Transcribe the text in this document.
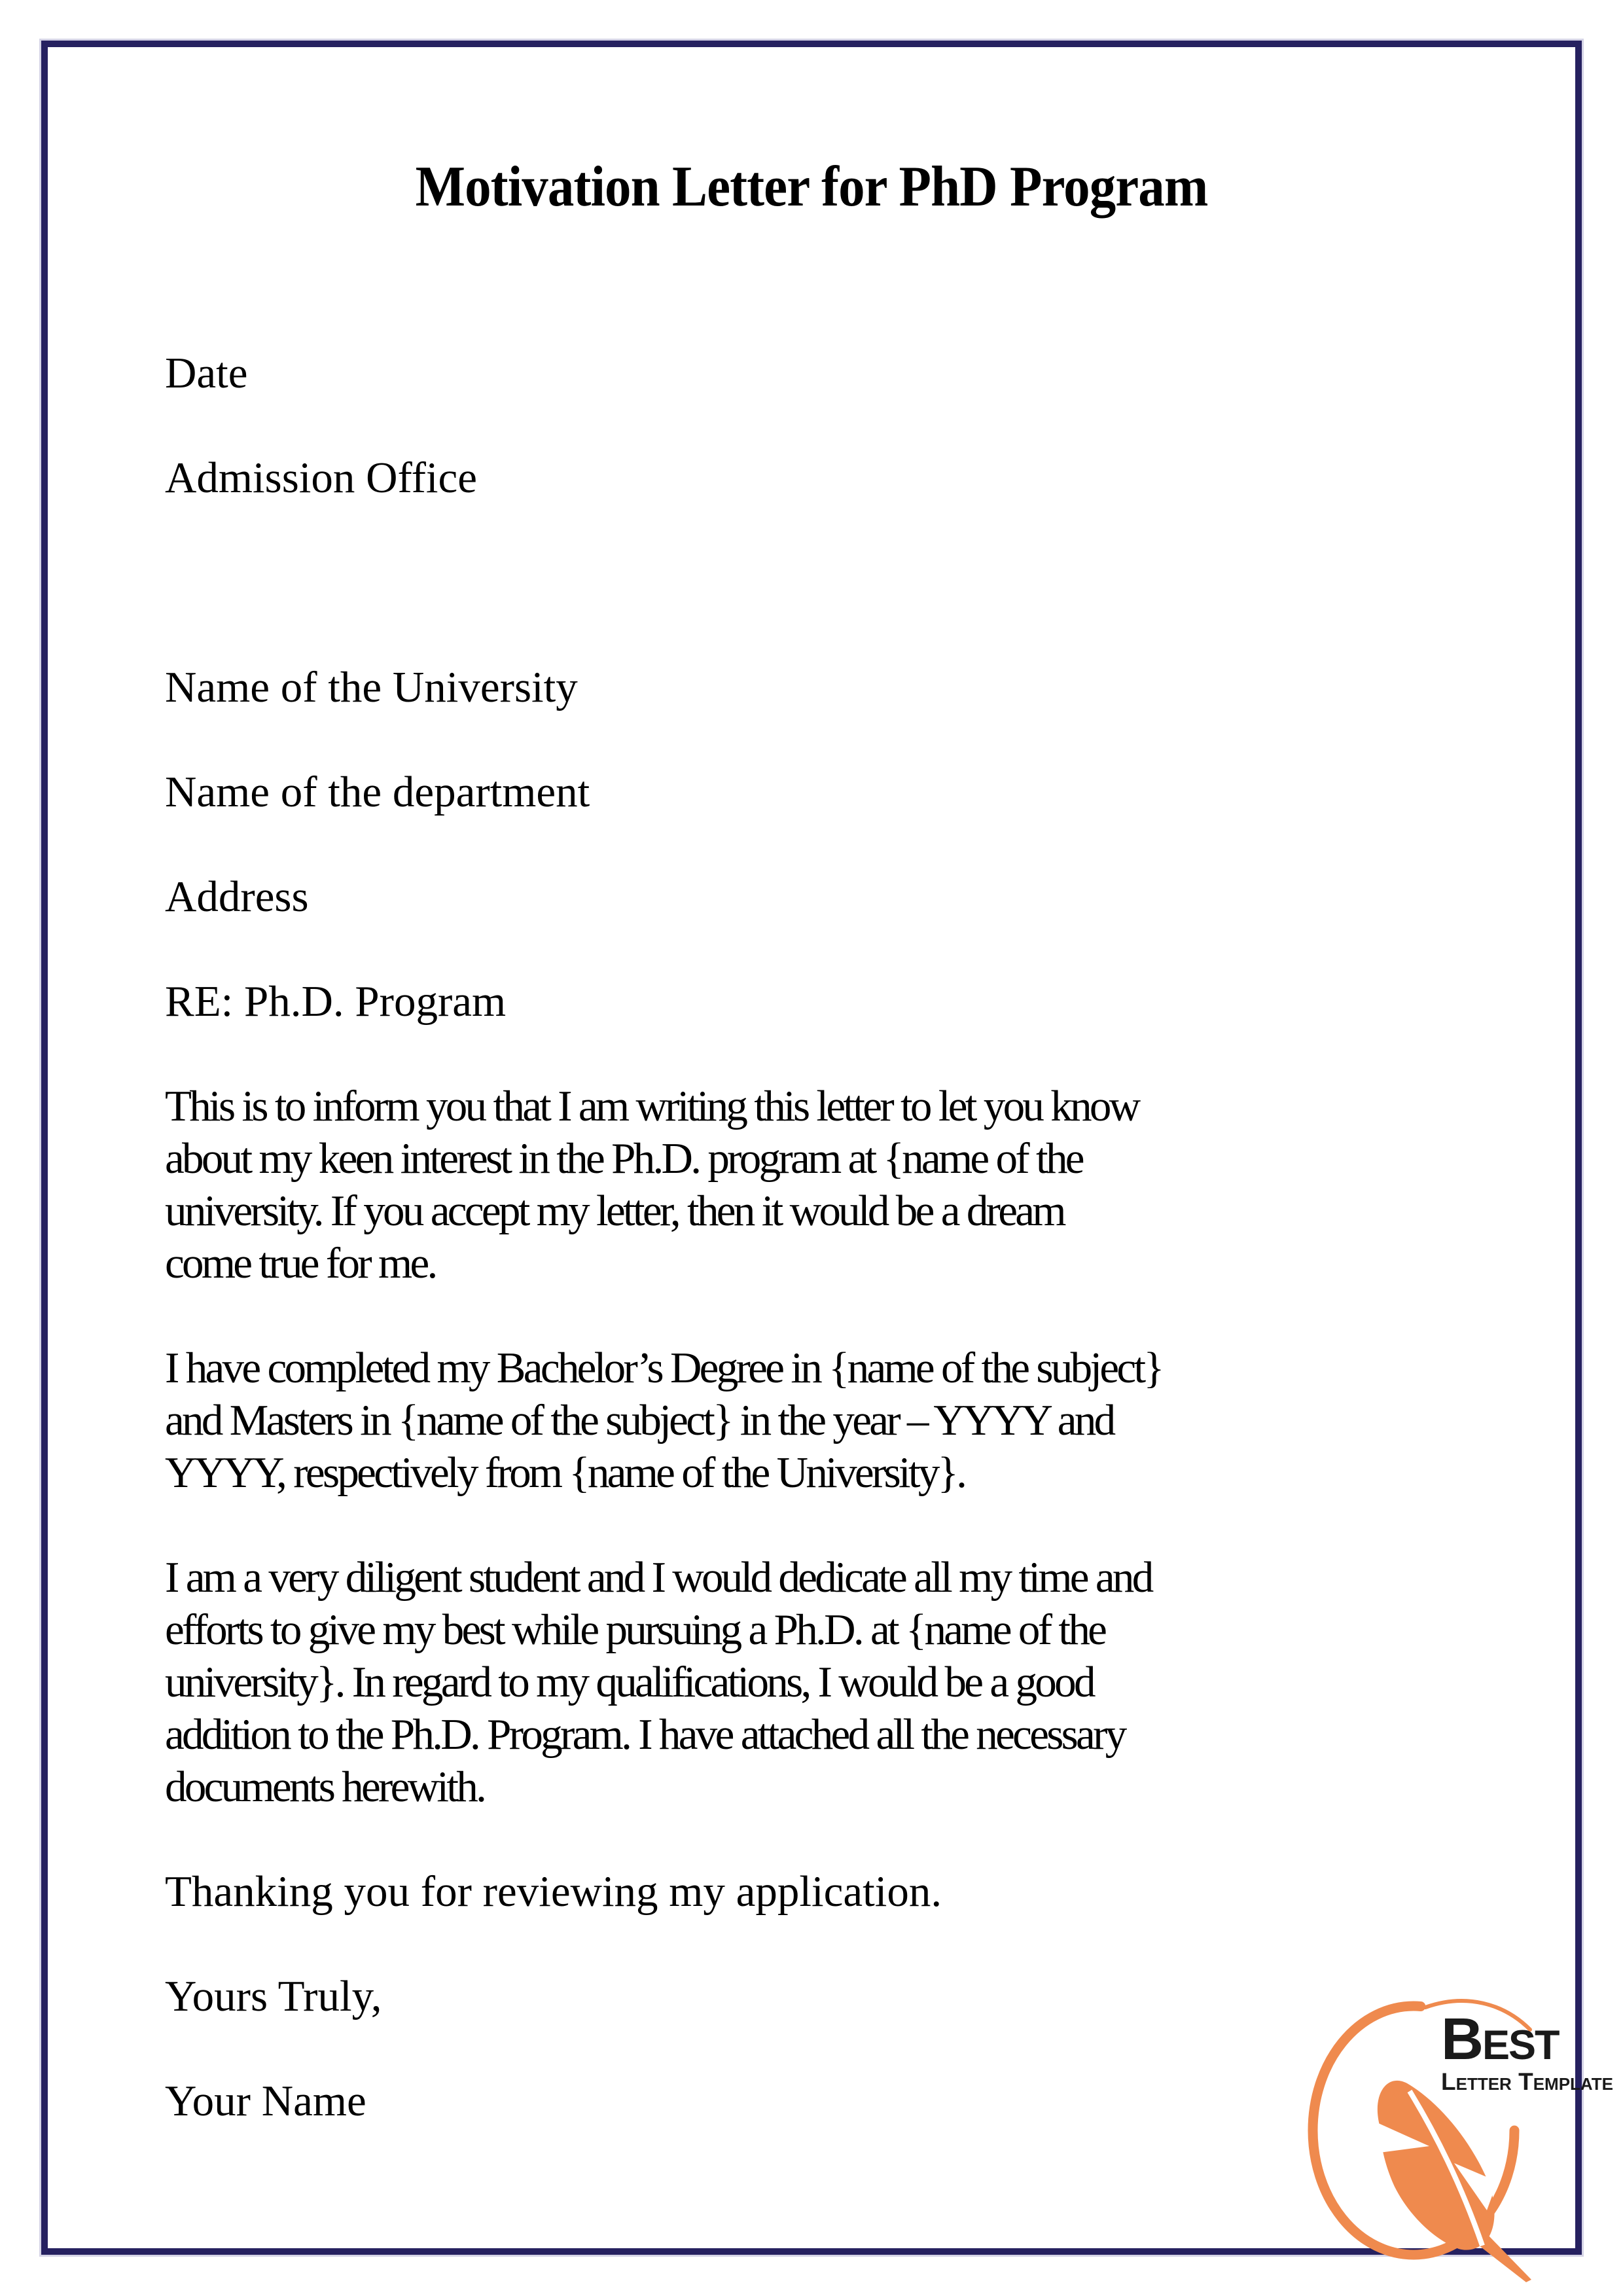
Motivation Letter for PhD Program

Date

Admission Office

Name of the University

Name of the department

Address

RE: Ph.D. Program

This is to inform you that I am writing this letter to let you know
about my keen interest in the Ph.D. program at {name of the
university. If you accept my letter, then it would be a dream
come true for me.
I have completed my Bachelor’s Degree in {name of the subject}
and Masters in {name of the subject} in the year – YYYY and
YYYY, respectively from {name of the University}.
I am a very diligent student and I would dedicate all my time and
efforts to give my best while pursuing a Ph.D. at {name of the
university}. In regard to my qualifications, I would be a good
addition to the Ph.D. Program. I have attached all the necessary
documents herewith.

Thanking you for reviewing my application.

Yours Truly,

Your Name

Best
Letter Template
